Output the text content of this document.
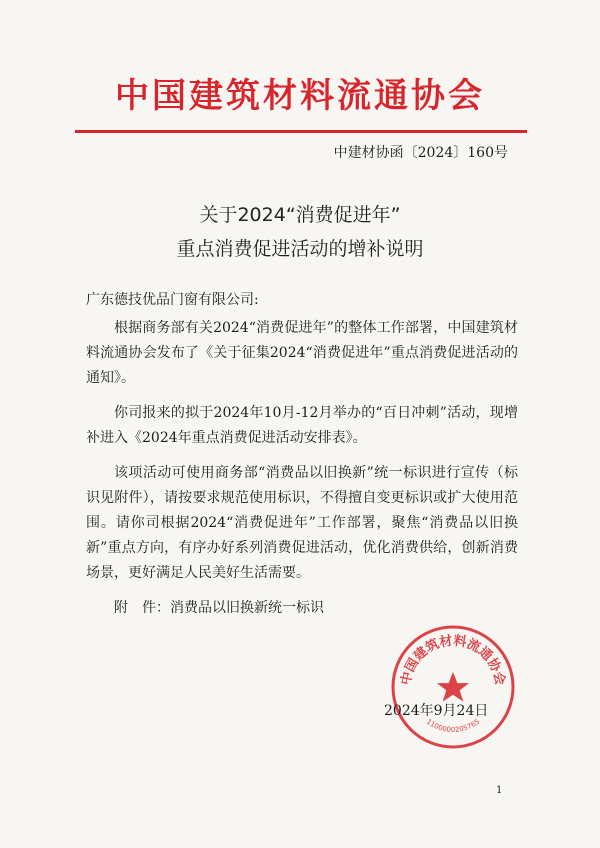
中国建筑材料流通协会
中建材协函〔2024〕160号
关于2024“消费促进年”
重点消费促进活动的增补说明
广东德技优品门窗有限公司:
根据商务部有关2024“消费促进年”的整体工作部署，中国建筑材料流通协会发布了《关于征集2024“消费促进年”重点消费促进活动的通知》。
你司报来的拟于2024年10月-12月举办的“百日冲刺”活动，现增补进入《2024年重点消费促进活动安排表》。
该项活动可使用商务部“消费品以旧换新”统一标识进行宣传（标识见附件），请按要求规范使用标识，不得擅自变更标识或扩大使用范围。请你司根据2024“消费促进年”工作部署，聚焦“消费品以旧换新”重点方向，有序办好系列消费促进活动，优化消费供给，创新消费场景，更好满足人民美好生活需要。
附　件：消费品以旧换新统一标识
中国建筑材料流通协会
1100000205765
2024年9月24日
1
